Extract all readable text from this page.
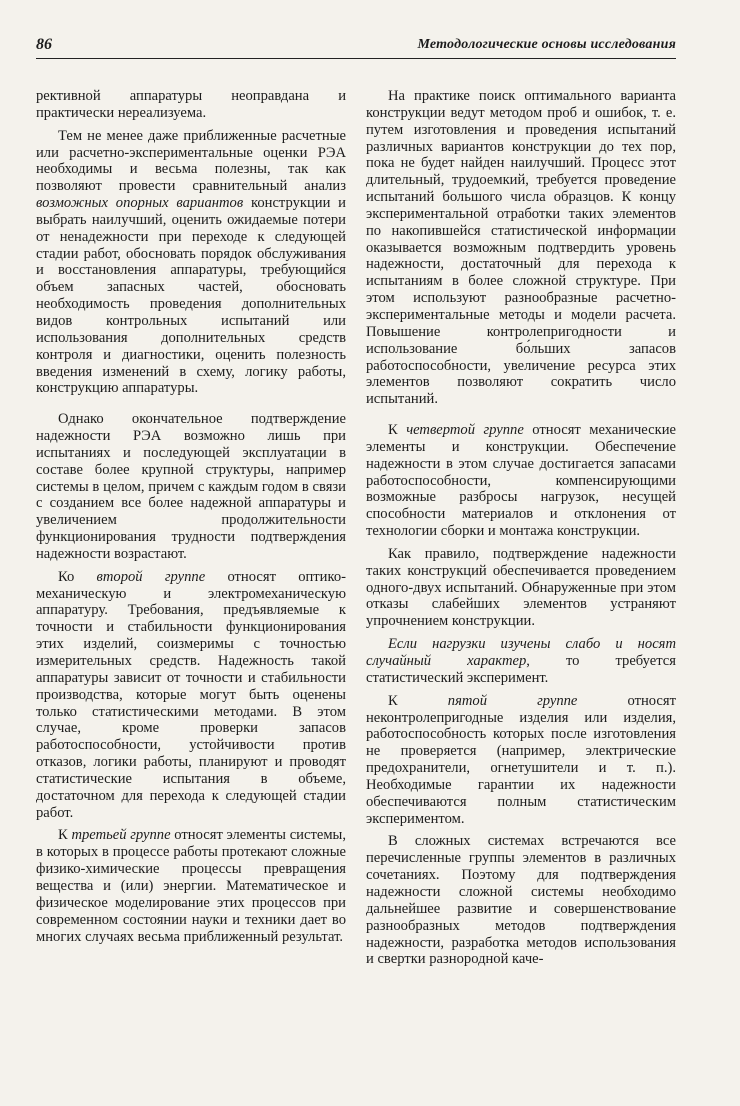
86	Методологические основы исследования

рективной аппаратуры неоправдана и практически нереализуема.

Тем не менее даже приближенные расчетные или расчетно-экспериментальные оценки РЭА необходимы и весьма полезны, так как позволяют провести сравнительный анализ возможных опорных вариантов конструкции и выбрать наилучший, оценить ожидаемые потери от ненадежности при переходе к следующей стадии работ, обосновать порядок обслуживания и восстановления аппаратуры, требующийся объем запасных частей, обосновать необходимость проведения дополнительных видов контрольных испытаний или использования дополнительных средств контроля и диагностики, оценить полезность введения изменений в схему, логику работы, конструкцию аппаратуры.

Однако окончательное подтверждение надежности РЭА возможно лишь при испытаниях и последующей эксплуатации в составе более крупной структуры, например системы в целом, причем с каждым годом в связи с созданием все более надежной аппаратуры и увеличением продолжительности функционирования трудности подтверждения надежности возрастают.

Ко второй группе относят оптико-механическую и электромеханическую аппаратуру. Требования, предъявляемые к точности и стабильности функционирования этих изделий, соизмеримы с точностью измерительных средств. Надежность такой аппаратуры зависит от точности и стабильности производства, которые могут быть оценены только статистическими методами. В этом случае, кроме проверки запасов работоспособности, устойчивости против отказов, логики работы, планируют и проводят статистические испытания в объеме, достаточном для перехода к следующей стадии работ.

К третьей группе относят элементы системы, в которых в процессе работы протекают сложные физико-химические процессы превращения вещества и (или) энергии. Математическое и физическое моделирование этих процессов при современном состоянии науки и техники дает во многих случаях весьма приближенный результат.

На практике поиск оптимального варианта конструкции ведут методом проб и ошибок, т. е. путем изготовления и проведения испытаний различных вариантов конструкции до тех пор, пока не будет найден наилучший. Процесс этот длительный, трудоемкий, требуется проведение испытаний большого числа образцов. К концу экспериментальной отработки таких элементов по накопившейся статистической информации оказывается возможным подтвердить уровень надежности, достаточный для перехода к испытаниям в более сложной структуре. При этом используют разнообразные расчетно-экспериментальные методы и модели расчета. Повышение контролепригодности и использование бо́льших запасов работоспособности, увеличение ресурса этих элементов позволяют сократить число испытаний.

К четвертой группе относят механические элементы и конструкции. Обеспечение надежности в этом случае достигается запасами работоспособности, компенсирующими возможные разбросы нагрузок, несущей способности материалов и отклонения от технологии сборки и монтажа конструкции.

Как правило, подтверждение надежности таких конструкций обеспечивается проведением одного-двух испытаний. Обнаруженные при этом отказы слабейших элементов устраняют упрочнением конструкции.

Если нагрузки изучены слабо и носят случайный характер, то требуется статистический эксперимент.

К пятой группе относят неконтролепригодные изделия или изделия, работоспособность которых после изготовления не проверяется (например, электрические предохранители, огнетушители и т. п.). Необходимые гарантии их надежности обеспечиваются полным статистическим экспериментом.

В сложных системах встречаются все перечисленные группы элементов в различных сочетаниях. Поэтому для подтверждения надежности сложной системы необходимо дальнейшее развитие и совершенствование разнообразных методов подтверждения надежности, разработка методов использования и свертки разнородной каче-
